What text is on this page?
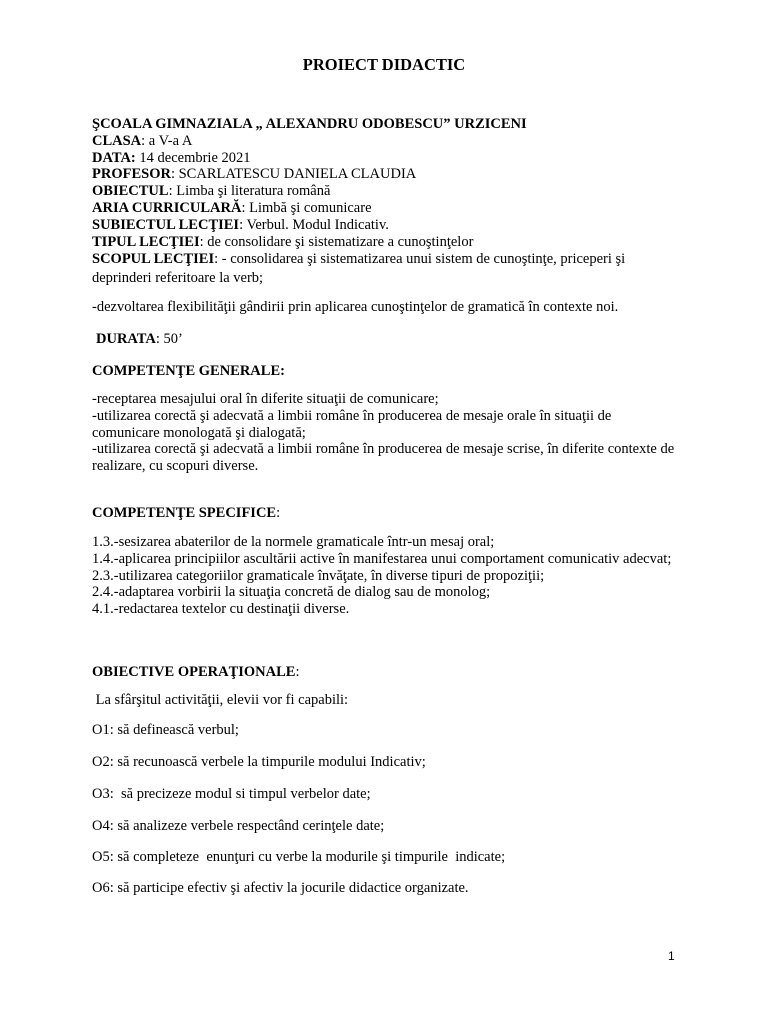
PROIECT DIDACTIC
ŞCOALA GIMNAZIALA „ ALEXANDRU ODOBESCU” URZICENI
CLASA: a V-a A
DATA: 14 decembrie 2021
PROFESOR: SCARLATESCU DANIELA CLAUDIA
OBIECTUL: Limba şi literatura română
ARIA CURRICULARĂ: Limbă şi comunicare
SUBIECTUL LECŢIEI: Verbul. Modul Indicativ.
TIPUL LECŢIEI: de consolidare şi sistematizare a cunoştinţelor
SCOPUL LECŢIEI: - consolidarea şi sistematizarea unui sistem de cunoştinţe, priceperi şi deprinderi referitoare la verb;
-dezvoltarea flexibilităţii gândirii prin aplicarea cunoştinţelor de gramatică în contexte noi.
DURATA: 50’
COMPETENŢE GENERALE:
-receptarea mesajului oral în diferite situaţii de comunicare;
-utilizarea corectă şi adecvată a limbii române în producerea de mesaje orale în situaţii de comunicare monologată şi dialogată;
-utilizarea corectă şi adecvată a limbii române în producerea de mesaje scrise, în diferite contexte de realizare, cu scopuri diverse.
COMPETENŢE SPECIFICE:
1.3.-sesizarea abaterilor de la normele gramaticale într-un mesaj oral;
1.4.-aplicarea principiilor ascultării active în manifestarea unui comportament comunicativ adecvat;
2.3.-utilizarea categoriilor gramaticale învăţate, în diverse tipuri de propoziţii;
2.4.-adaptarea vorbirii la situaţia concretă de dialog sau de monolog;
4.1.-redactarea textelor cu destinaţii diverse.
OBIECTIVE OPERAŢIONALE:
La sfârşitul activităţii, elevii vor fi capabili:
O1: să definească verbul;
O2: să recunoască verbele la timpurile modului Indicativ;
O3:  să precizeze modul si timpul verbelor date;
O4: să analizeze verbele respectând cerinţele date;
O5: să completeze  enunţuri cu verbe la modurile şi timpurile  indicate;
O6: să participe efectiv şi afectiv la jocurile didactice organizate.
1
